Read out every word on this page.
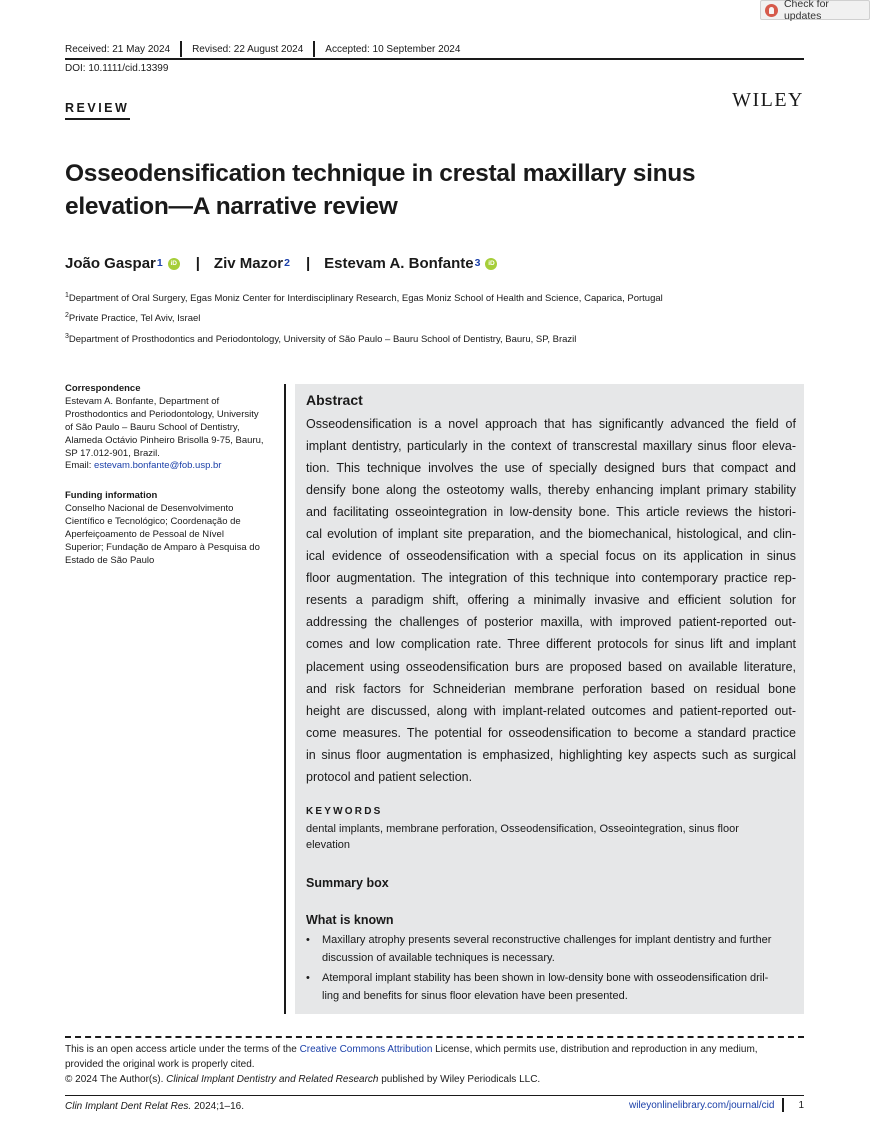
Check for updates
Received: 21 May 2024 Revised: 22 August 2024 Accepted: 10 September 2024
DOI: 10.1111/cid.13399
REVIEW	WILEY
Osseodensification technique in crestal maxillary sinus
elevation—A narrative review
João Gaspar$^1$	iD | Ziv Mazor$^2$ | Estevam A. Bonfante$^3$	iD
$^1$Department of Oral Surgery, Egas Moniz Center for Interdisciplinary Research, Egas Moniz School of Health and Science, Caparica, Portugal
$^2$Private Practice, Tel Aviv, Israel
$^3$Department of Prosthodontics and Periodontology, University of São Paulo – Bauru School of Dentistry, Bauru, SP, Brazil
Correspondence
Estevam A. Bonfante, Department of
Prosthodontics and Periodontology, University
of São Paulo – Bauru School of Dentistry,
Alameda Octávio Pinheiro Brisolla 9-75, Bauru,
SP 17.012-901, Brazil.
Email: estevam.bonfante@fob.usp.br
Funding information
Conselho Nacional de Desenvolvimento
Científico e Tecnológico; Coordenação de
Aperfeiçoamento de Pessoal de Nível
Superior; Fundação de Amparo à Pesquisa do
Estado de São Paulo
Abstract
Osseodensification is a novel approach that has significantly advanced the field of
implant dentistry, particularly in the context of transcrestal maxillary sinus floor eleva-
tion. This technique involves the use of specially designed burs that compact and
densify bone along the osteotomy walls, thereby enhancing implant primary stability
and facilitating osseointegration in low-density bone. This article reviews the histori-
cal evolution of implant site preparation, and the biomechanical, histological, and clin-
ical evidence of osseodensification with a special focus on its application in sinus
floor augmentation. The integration of this technique into contemporary practice rep-
resents a paradigm shift, offering a minimally invasive and efficient solution for
addressing the challenges of posterior maxilla, with improved patient-reported out-
comes and low complication rate. Three different protocols for sinus lift and implant
placement using osseodensification burs are proposed based on available literature,
and risk factors for Schneiderian membrane perforation based on residual bone
height are discussed, along with implant-related outcomes and patient-reported out-
come measures. The potential for osseodensification to become a standard practice
in sinus floor augmentation is emphasized, highlighting key aspects such as surgical
protocol and patient selection.
KEYWORDS
dental implants, membrane perforation, Osseodensification, Osseointegration, sinus floor
elevation
Summary box
What is known
• Maxillary atrophy presents several reconstructive challenges for implant dentistry and further
discussion of available techniques is necessary.
• Atemporal implant stability has been shown in low-density bone with osseodensification dril-
ling and benefits for sinus floor elevation have been presented.
This is an open access article under the terms of the Creative Commons Attribution License, which permits use, distribution and reproduction in any medium,
provided the original work is properly cited.
© 2024 The Author(s). Clinical Implant Dentistry and Related Research published by Wiley Periodicals LLC.
Clin Implant Dent Relat Res. 2024;1–16.	wileyonlinelibrary.com/journal/cid 1
